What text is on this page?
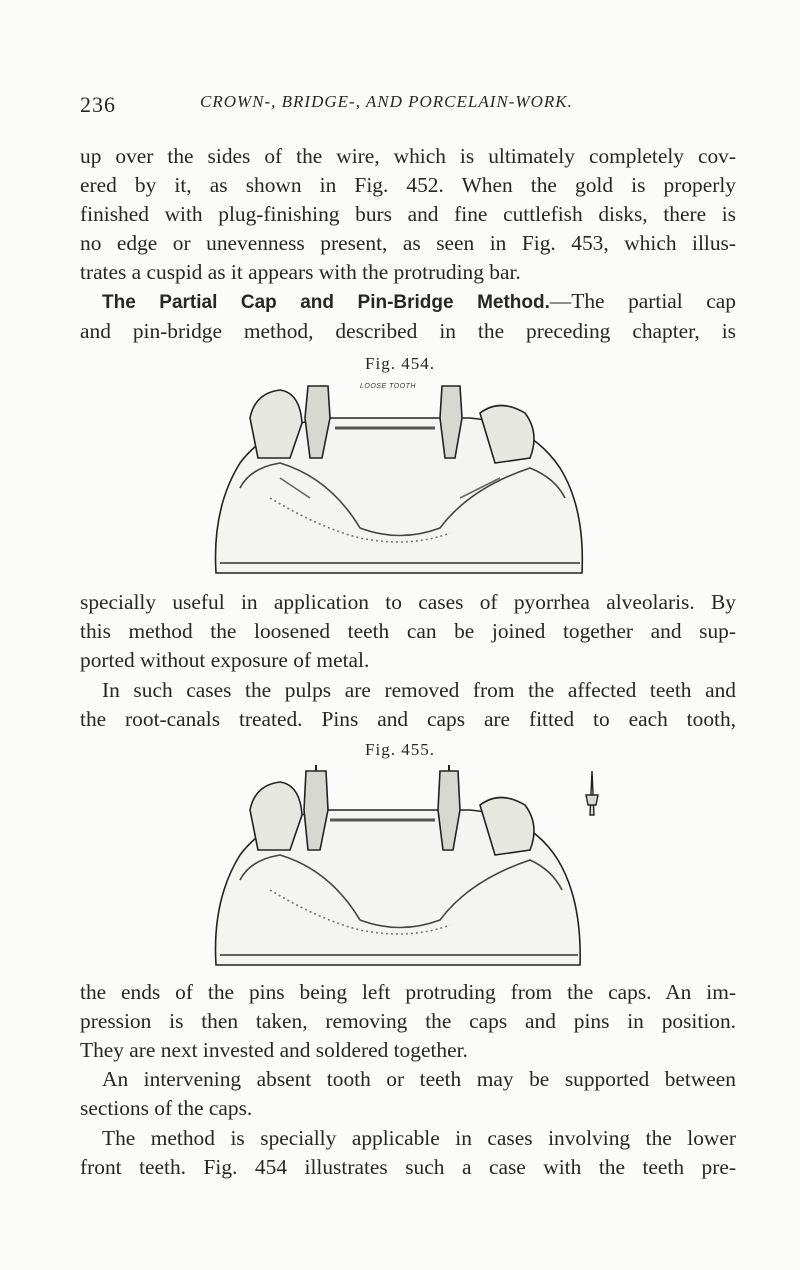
236	CROWN-, BRIDGE-, AND PORCELAIN-WORK.
up over the sides of the wire, which is ultimately completely cov-
ered by it, as shown in Fig. 452. When the gold is properly
finished with plug-finishing burs and fine cuttlefish disks, there is
no edge or unevenness present, as seen in Fig. 453, which illus-
trates a cuspid as it appears with the protruding bar.
The Partial Cap and Pin-Bridge Method.—The partial cap
and pin-bridge method, described in the preceding chapter, is
Fig. 454.
LOOSE TOOTH
specially useful in application to cases of pyorrhea alveolaris. By
this method the loosened teeth can be joined together and sup-
ported without exposure of metal.
In such cases the pulps are removed from the affected teeth and
the root-canals treated. Pins and caps are fitted to each tooth,
Fig. 455.
the ends of the pins being left protruding from the caps. An im-
pression is then taken, removing the caps and pins in position.
They are next invested and soldered together.
An intervening absent tooth or teeth may be supported between
sections of the caps.
The method is specially applicable in cases involving the lower
front teeth. Fig. 454 illustrates such a case with the teeth pre-
